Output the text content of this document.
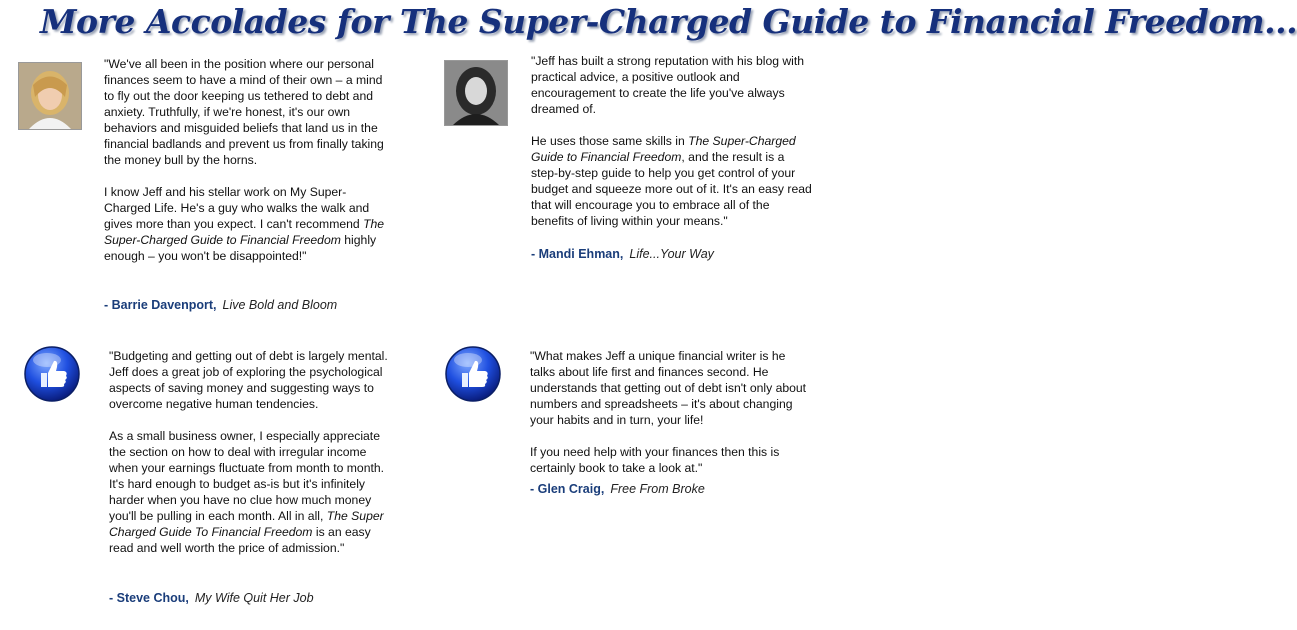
More Accolades for The Super-Charged Guide to Financial Freedom...
"We've all been in the position where our personal finances seem to have a mind of their own – a mind to fly out the door keeping us tethered to debt and anxiety. Truthfully, if we're honest, it's our own behaviors and misguided beliefs that land us in the financial badlands and prevent us from finally taking the money bull by the horns.

I know Jeff and his stellar work on My Super-Charged Life. He's a guy who walks the walk and gives more than you expect. I can't recommend The Super-Charged Guide to Financial Freedom highly enough – you won't be disappointed!"
- Barrie Davenport, Live Bold and Bloom
"Jeff has built a strong reputation with his blog with practical advice, a positive outlook and encouragement to create the life you've always dreamed of.

He uses those same skills in The Super-Charged Guide to Financial Freedom, and the result is a step-by-step guide to help you get control of your budget and squeeze more out of it. It's an easy read that will encourage you to embrace all of the benefits of living within your means."
- Mandi Ehman, Life...Your Way
"Budgeting and getting out of debt is largely mental. Jeff does a great job of exploring the psychological aspects of saving money and suggesting ways to overcome negative human tendencies.

As a small business owner, I especially appreciate the section on how to deal with irregular income when your earnings fluctuate from month to month. It's hard enough to budget as-is but it's infinitely harder when you have no clue how much money you'll be pulling in each month. All in all, The Super Charged Guide To Financial Freedom is an easy read and well worth the price of admission."
- Steve Chou, My Wife Quit Her Job
"What makes Jeff a unique financial writer is he talks about life first and finances second. He understands that getting out of debt isn't only about numbers and spreadsheets – it's about changing your habits and in turn, your life!

If you need help with your finances then this is certainly book to take a look at."
- Glen Craig, Free From Broke
